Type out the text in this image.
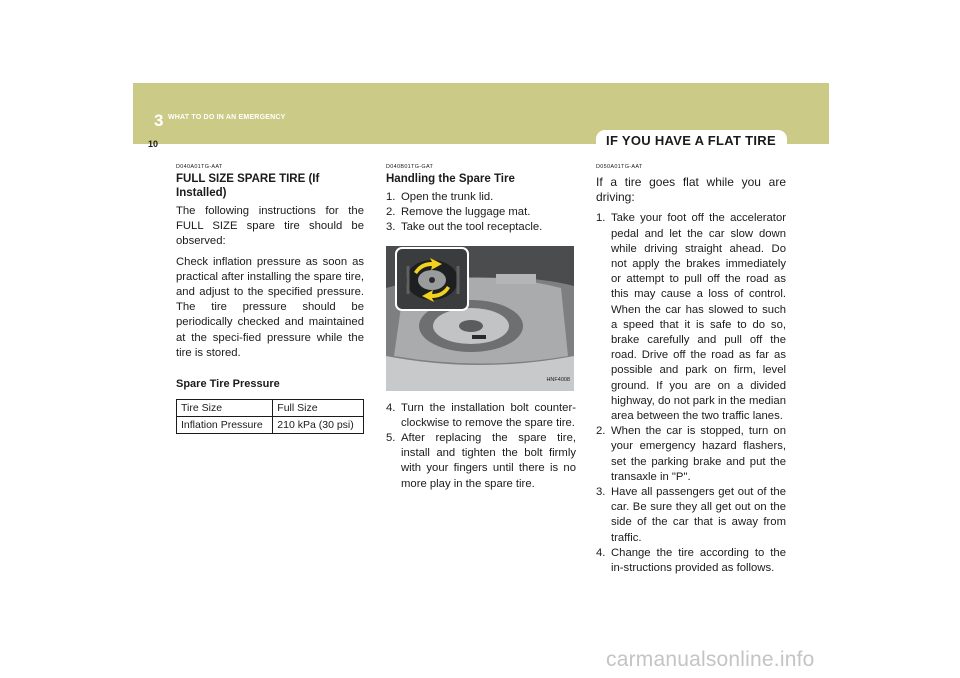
3 WHAT TO DO IN AN EMERGENCY
10	IF YOU HAVE A FLAT TIRE
D040A01TG-AAT
FULL SIZE SPARE TIRE (If Installed)

The following instructions for the FULL SIZE spare tire should be observed:

Check inflation pressure as soon as practical after installing the spare tire, and adjust to the specified pressure. The tire pressure should be periodically checked and maintained at the speci-fied pressure while the tire is stored.

Spare Tire Pressure
Tire Size	Full Size
Inflation Pressure	210 kPa (30 psi)
D040B01TG-GAT
Handling the Spare Tire
1. Open the trunk lid.
2. Remove the luggage mat.
3. Take out the tool receptacle.
HNF4008
4. Turn the installation bolt counter-clockwise to remove the spare tire.
5. After replacing the spare tire, install and tighten the bolt firmly with your fingers until there is no more play in the spare tire.
D050A01TG-AAT

If a tire goes flat while you are driving:

1. Take your foot off the accelerator pedal and let the car slow down while driving straight ahead. Do not apply the brakes immediately or attempt to pull off the road as this may cause a loss of control. When the car has slowed to such a speed that it is safe to do so, brake carefully and pull off the road. Drive off the road as far as possible and park on firm, level ground. If you are on a divided highway, do not park in the median area between the two traffic lanes.
2. When the car is stopped, turn on your emergency hazard flashers, set the parking brake and put the transaxle in "P".
3. Have all passengers get out of the car. Be sure they all get out on the side of the car that is away from traffic.
4. Change the tire according to the in-structions provided as follows.
carmanualsonline.info
